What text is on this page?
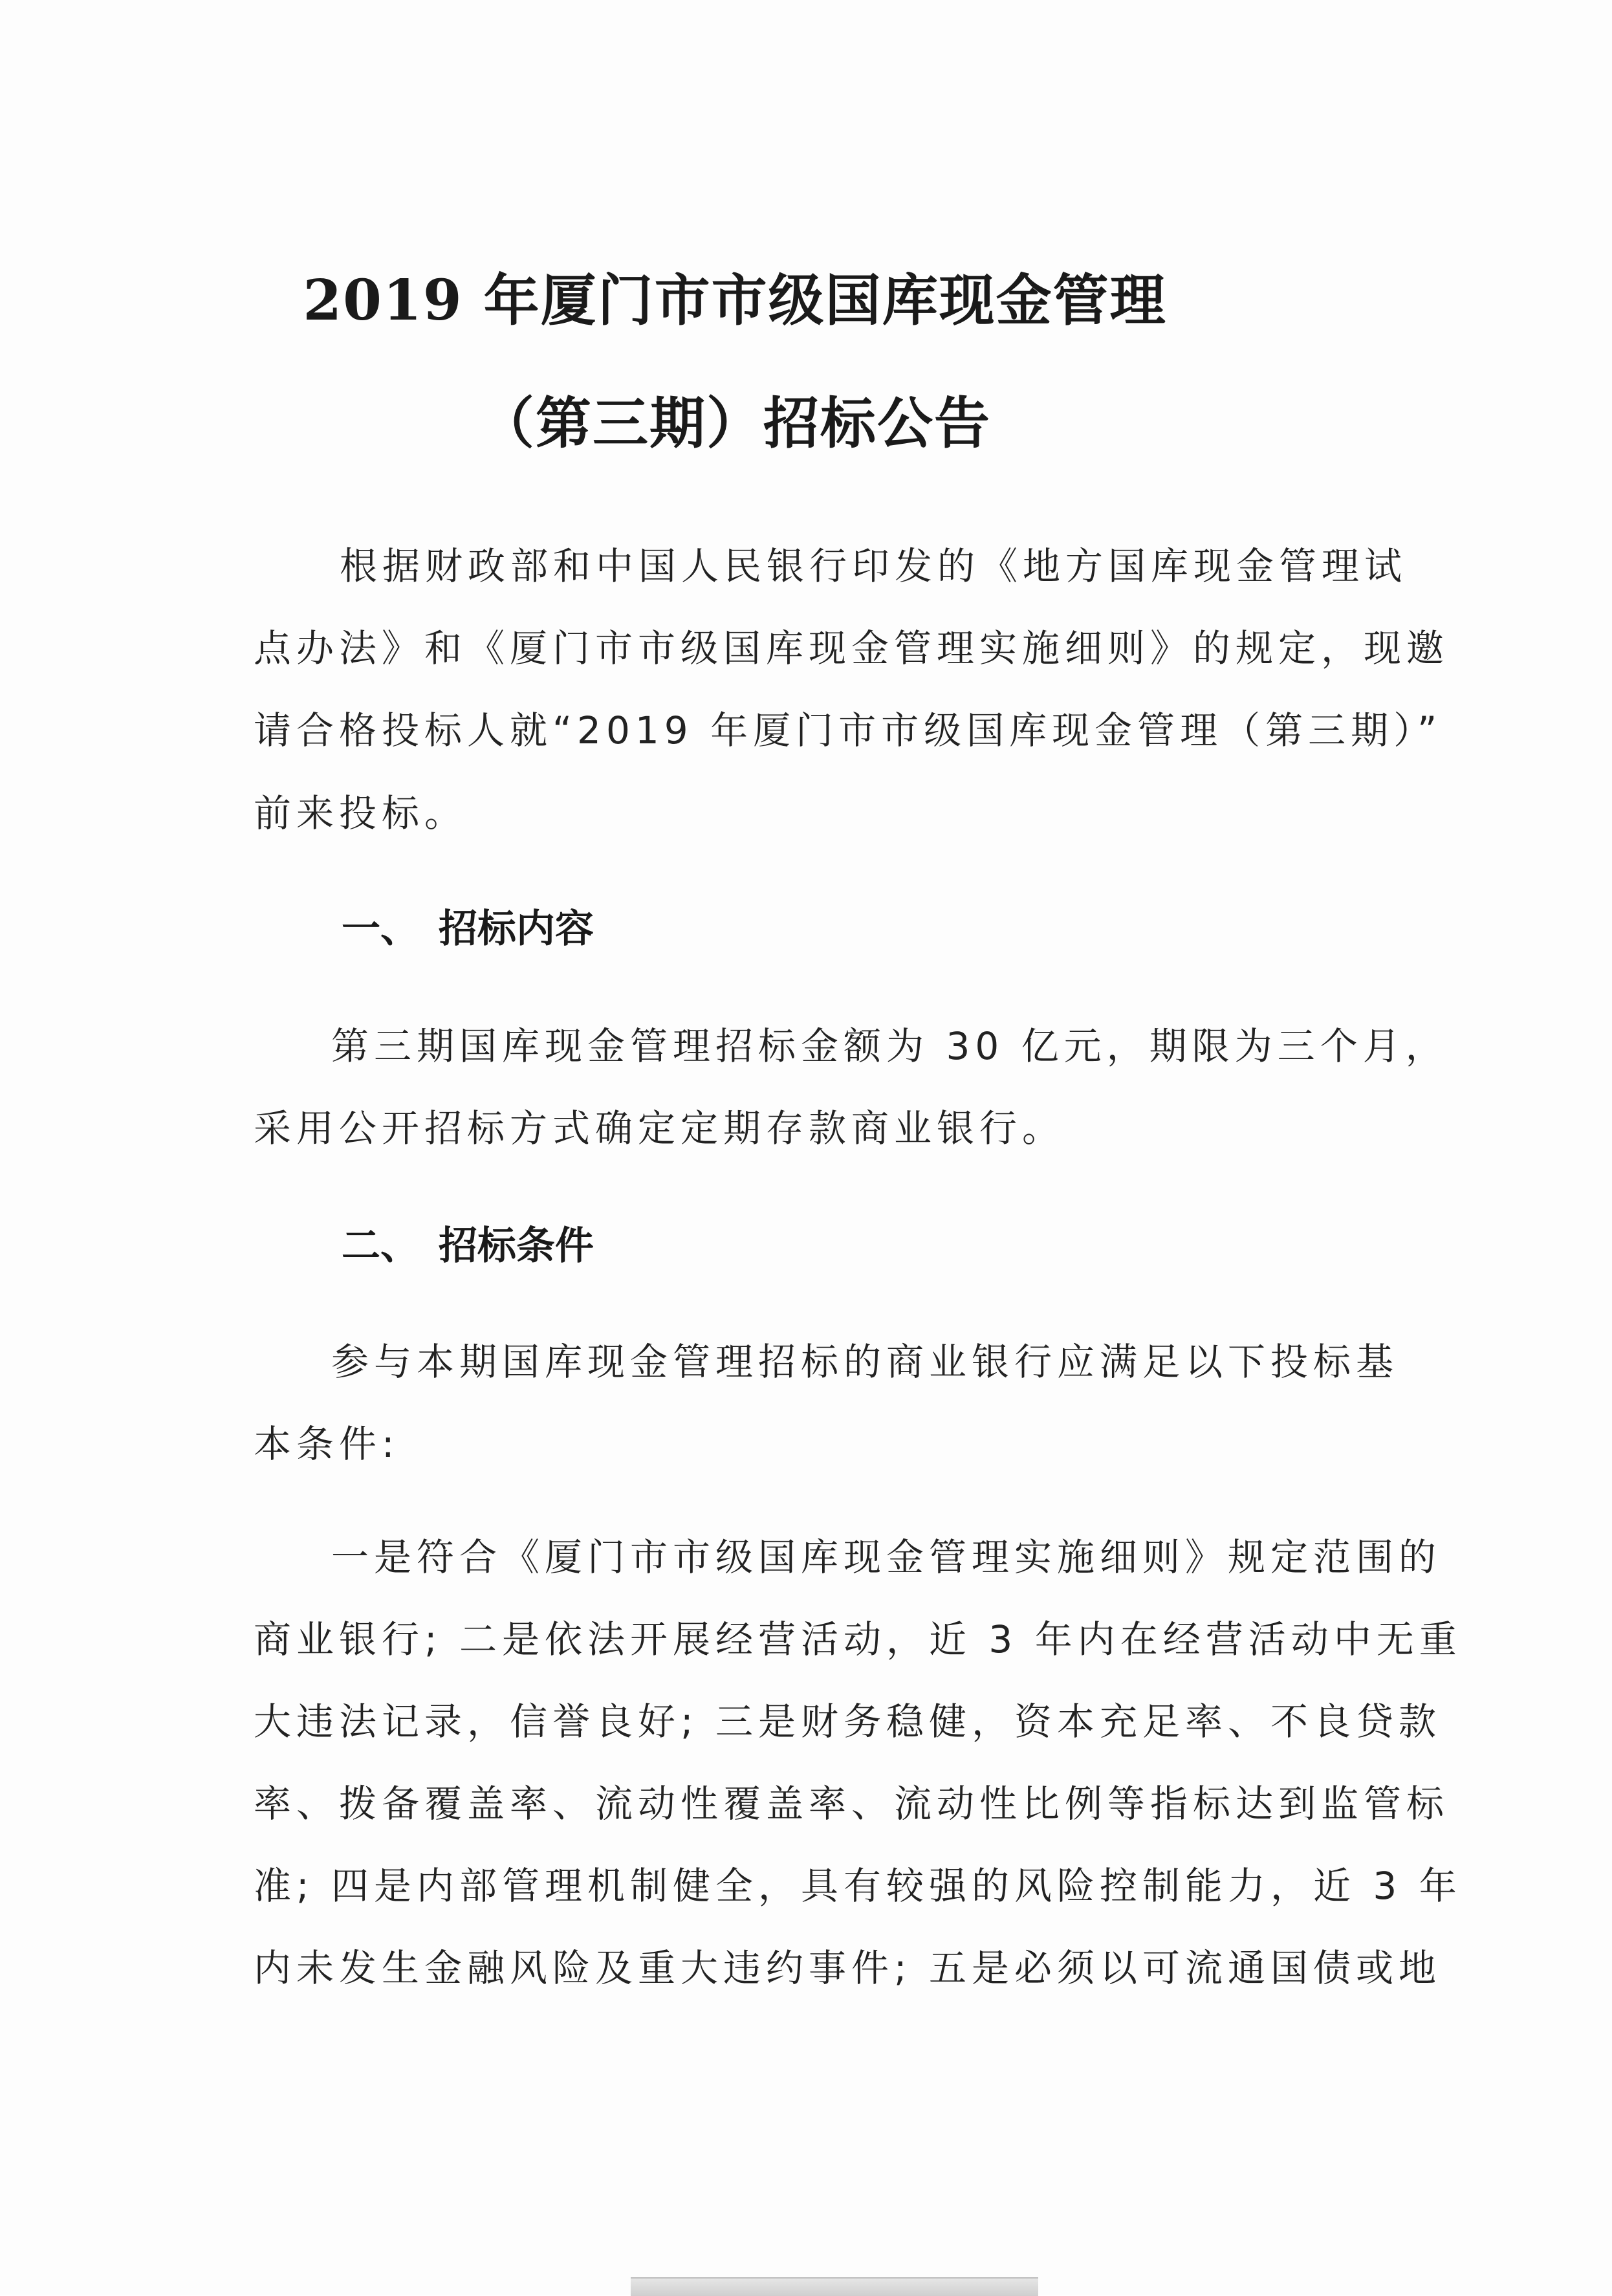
2019 年厦门市市级国库现金管理
（第三期）招标公告
根据财政部和中国人民银行印发的《地方国库现金管理试
点办法》和《厦门市市级国库现金管理实施细则》的规定，现邀
请合格投标人就“2019 年厦门市市级国库现金管理（第三期）”
前来投标。
一、 招标内容
第三期国库现金管理招标金额为 30 亿元，期限为三个月，
采用公开招标方式确定定期存款商业银行。
二、 招标条件
参与本期国库现金管理招标的商业银行应满足以下投标基
本条件:
一是符合《厦门市市级国库现金管理实施细则》规定范围的
商业银行; 二是依法开展经营活动，近 3 年内在经营活动中无重
大违法记录，信誉良好; 三是财务稳健，资本充足率、不良贷款
率、拨备覆盖率、流动性覆盖率、流动性比例等指标达到监管标
准; 四是内部管理机制健全，具有较强的风险控制能力，近 3 年
内未发生金融风险及重大违约事件; 五是必须以可流通国债或地
